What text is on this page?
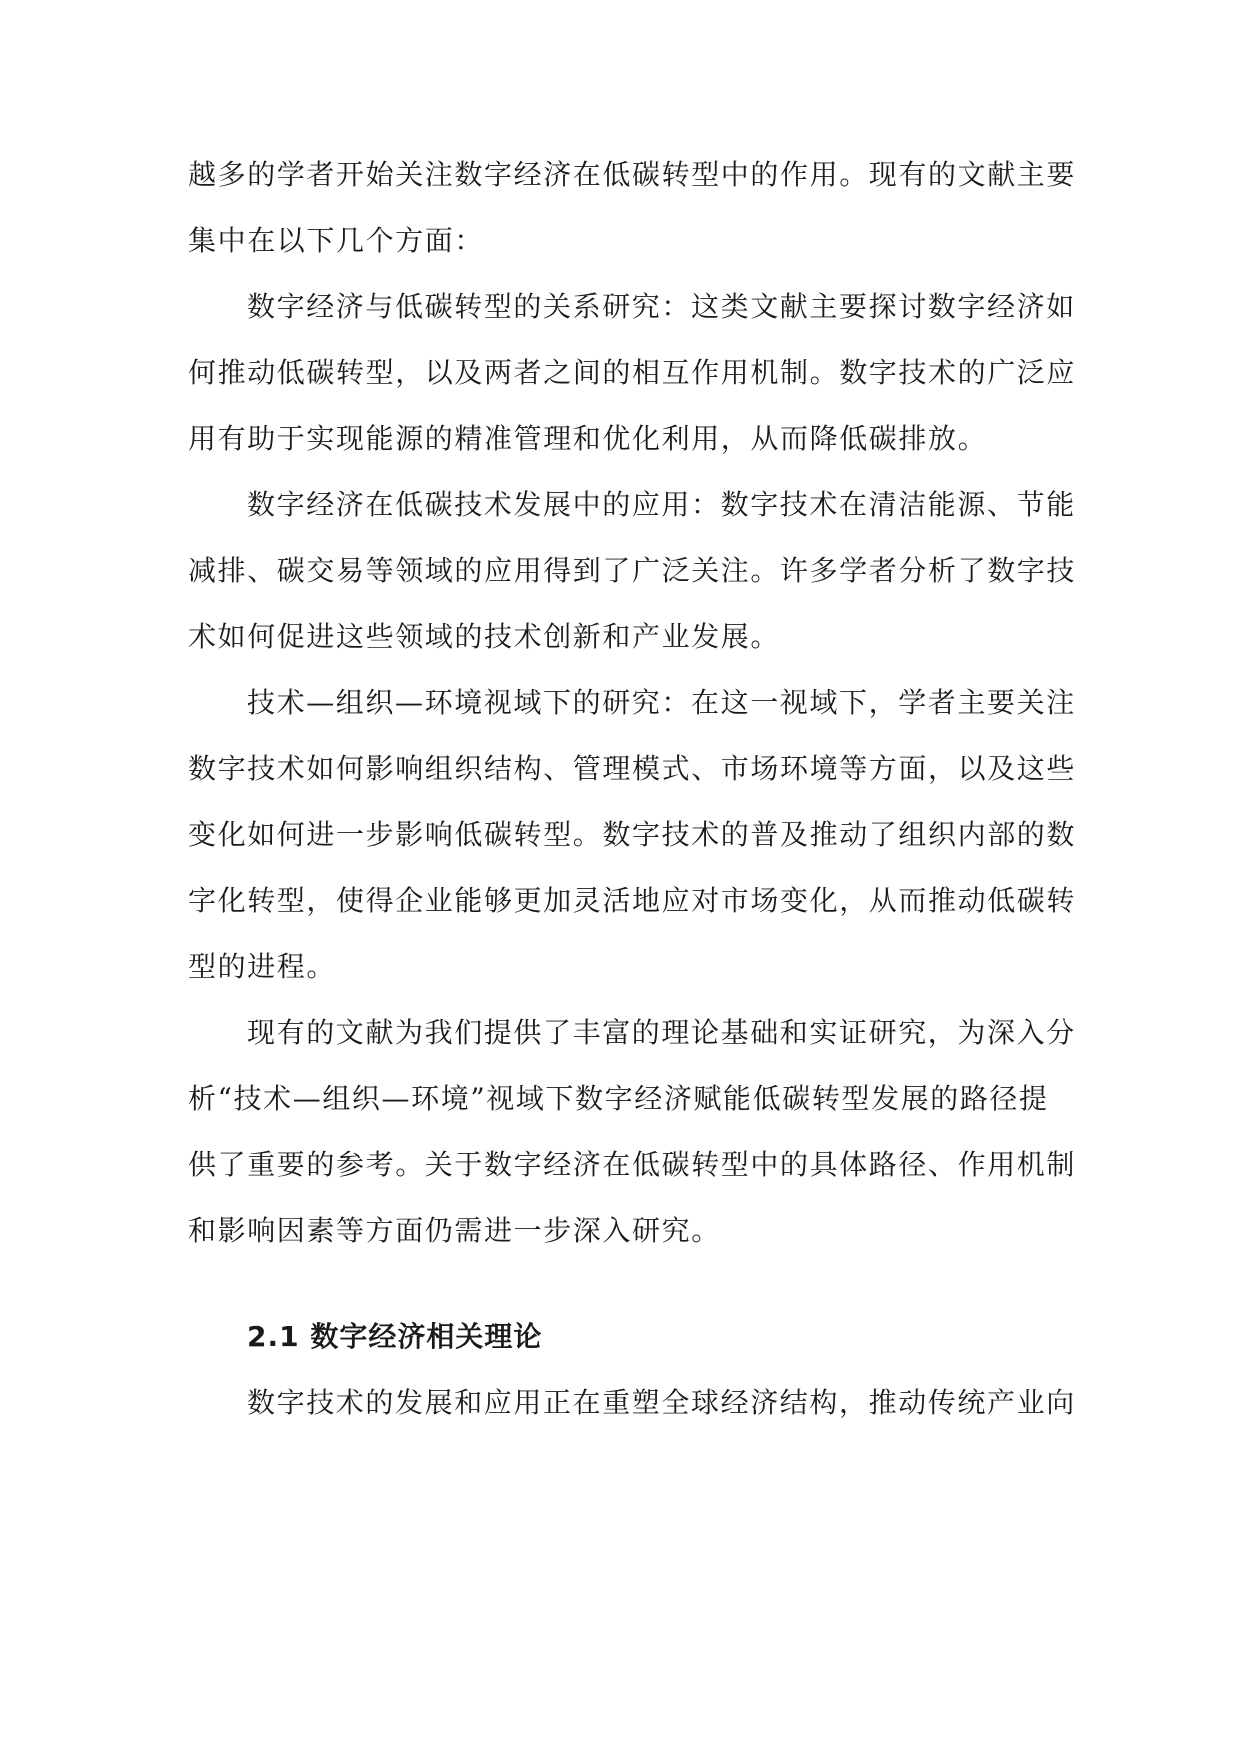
越多的学者开始关注数字经济在低碳转型中的作用。现有的文献主要
集中在以下几个方面：
数字经济与低碳转型的关系研究：这类文献主要探讨数字经济如
何推动低碳转型，以及两者之间的相互作用机制。数字技术的广泛应
用有助于实现能源的精准管理和优化利用，从而降低碳排放。
数字经济在低碳技术发展中的应用：数字技术在清洁能源、节能
减排、碳交易等领域的应用得到了广泛关注。许多学者分析了数字技
术如何促进这些领域的技术创新和产业发展。
技术—组织—环境视域下的研究：在这一视域下，学者主要关注
数字技术如何影响组织结构、管理模式、市场环境等方面，以及这些
变化如何进一步影响低碳转型。数字技术的普及推动了组织内部的数
字化转型，使得企业能够更加灵活地应对市场变化，从而推动低碳转
型的进程。
现有的文献为我们提供了丰富的理论基础和实证研究，为深入分
析“技术—组织—环境”视域下数字经济赋能低碳转型发展的路径提
供了重要的参考。关于数字经济在低碳转型中的具体路径、作用机制
和影响因素等方面仍需进一步深入研究。
2.1 数字经济相关理论
数字技术的发展和应用正在重塑全球经济结构，推动传统产业向
